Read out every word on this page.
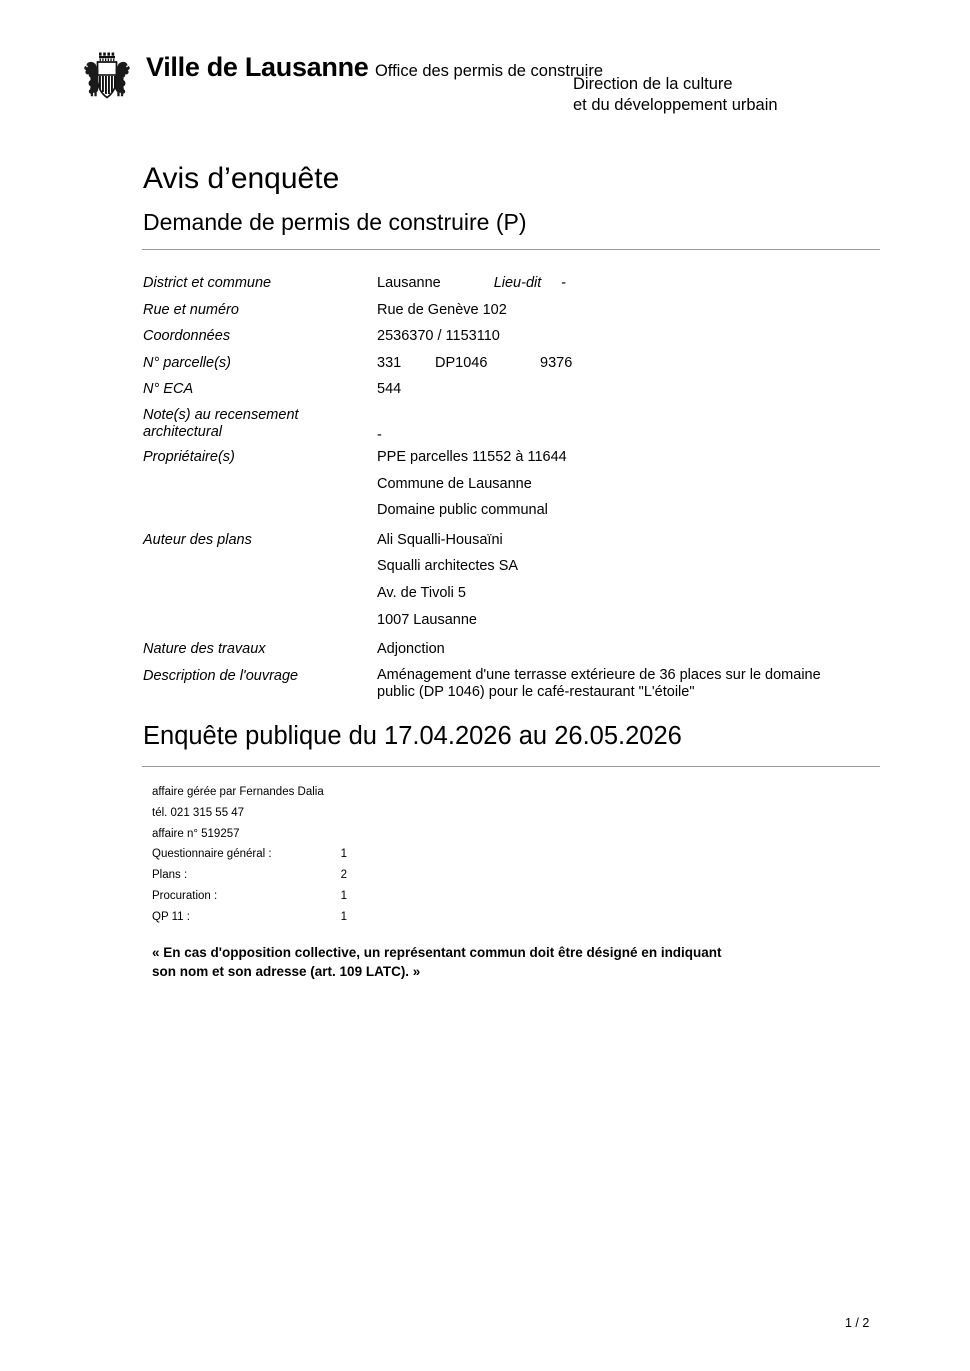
Ville de Lausanne Office des permis de construire
Direction de la culture
et du développement urbain
Avis d’enquête
Demande de permis de construire (P)
District et commune	Lausanne	Lieu-dit -
Rue et numéro	Rue de Genève 102
Coordonnées	2536370 / 1153110
N° parcelle(s)	331 DP1046	9376
N° ECA	544
Note(s) au recensement
architectural	-
Propriétaire(s)	PPE parcelles 11552 à 11644
Commune de Lausanne
Domaine public communal
Auteur des plans	Ali Squalli-Housaïni
Squalli architectes SA
Av. de Tivoli 5
1007 Lausanne
Nature des travaux	Adjonction
Description de l'ouvrage	Aménagement d'une terrasse extérieure de 36 places sur le domaine
public (DP 1046) pour le café-restaurant "L'étoile"
Enquête publique du 17.04.2026 au 26.05.2026
affaire gérée par Fernandes Dalia
tél. 021 315 55 47
affaire n° 519257
Questionnaire général :	1
Plans :	2
Procuration :	1
QP 11 :	1
« En cas d'opposition collective, un représentant commun doit être désigné en indiquant
son nom et son adresse (art. 109 LATC). »
1 / 2
